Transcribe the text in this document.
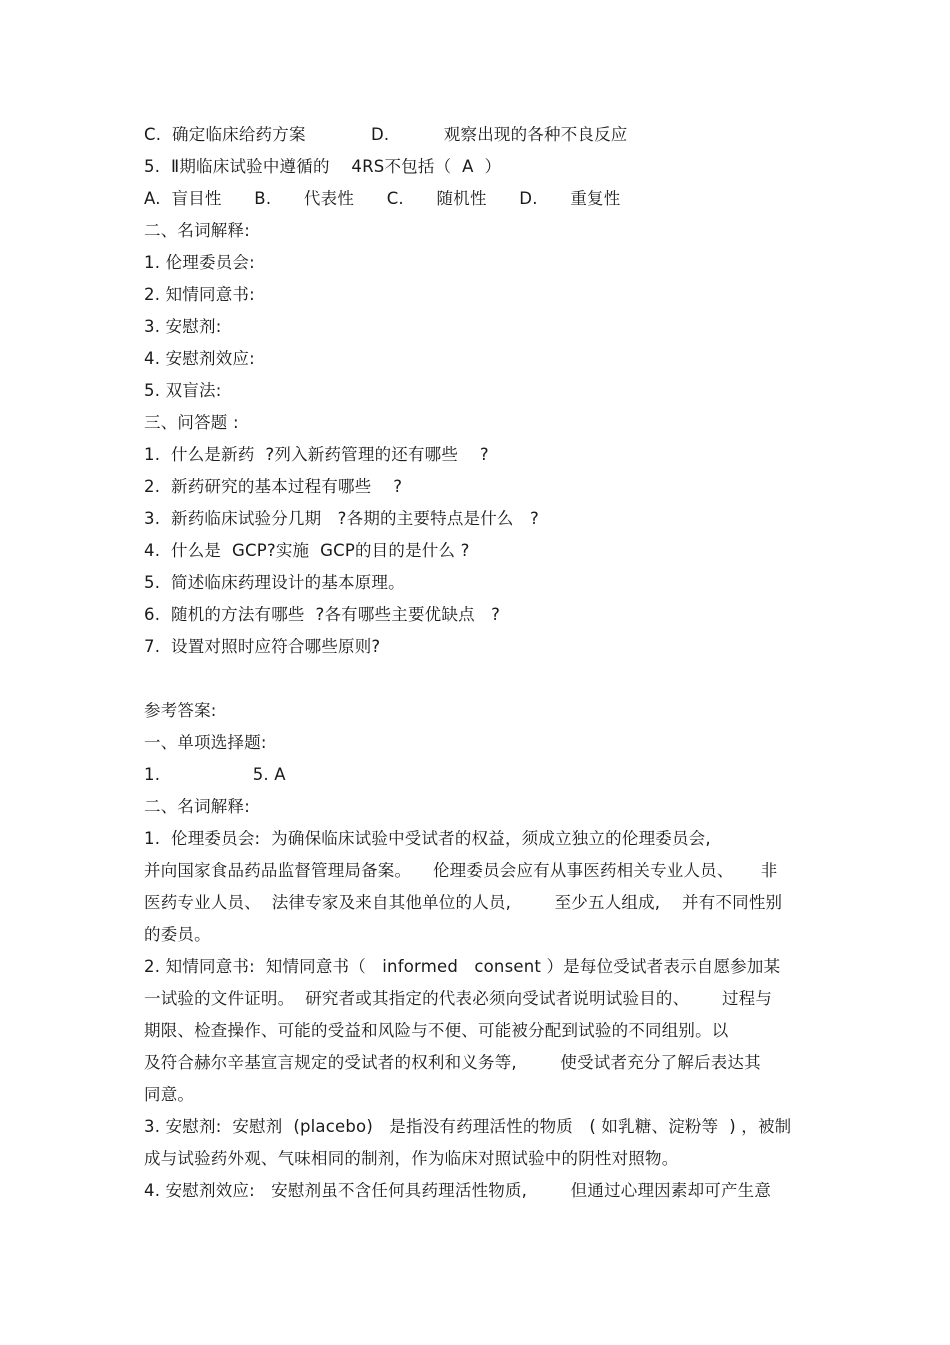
C.  确定临床给药方案            D.          观察出现的各种不良反应
5.  Ⅱ期临床试验中遵循的    4RS不包括（  A  ）
A.  盲目性      B.      代表性      C.      随机性      D.      重复性
二、名词解释:
1. 伦理委员会:
2. 知情同意书:
3. 安慰剂:
4. 安慰剂效应:
5. 双盲法:
三、问答题 :
1.  什么是新药  ?列入新药管理的还有哪些    ?
2.  新药研究的基本过程有哪些    ?
3.  新药临床试验分几期   ?各期的主要特点是什么   ?
4.  什么是  GCP?实施  GCP的目的是什么 ?
5.  简述临床药理设计的基本原理。
6.  随机的方法有哪些  ?各有哪些主要优缺点   ?
7.  设置对照时应符合哪些原则?
参考答案:
一、单项选择题:
1.                 5. A
二、名词解释:
1.  伦理委员会:  为确保临床试验中受试者的权益，须成立独立的伦理委员会,
并向国家食品药品监督管理局备案。    伦理委员会应有从事医药相关专业人员、     非
医药专业人员、  法律专家及来自其他单位的人员,        至少五人组成,    并有不同性别
的委员。
2. 知情同意书:  知情同意书（   informed   consent ）是每位受试者表示自愿参加某
一试验的文件证明。  研究者或其指定的代表必须向受试者说明试验目的、      过程与
期限、检查操作、可能的受益和风险与不便、可能被分配到试验的不同组别。以
及符合赫尔辛基宣言规定的受试者的权利和义务等,        使受试者充分了解后表达其
同意。
3. 安慰剂:  安慰剂  (placebo)   是指没有药理活性的物质   ( 如乳糖、淀粉等  ) ，被制
成与试验药外观、气味相同的制剂，作为临床对照试验中的阴性对照物。
4. 安慰剂效应:   安慰剂虽不含任何具药理活性物质,        但通过心理因素却可产生意
